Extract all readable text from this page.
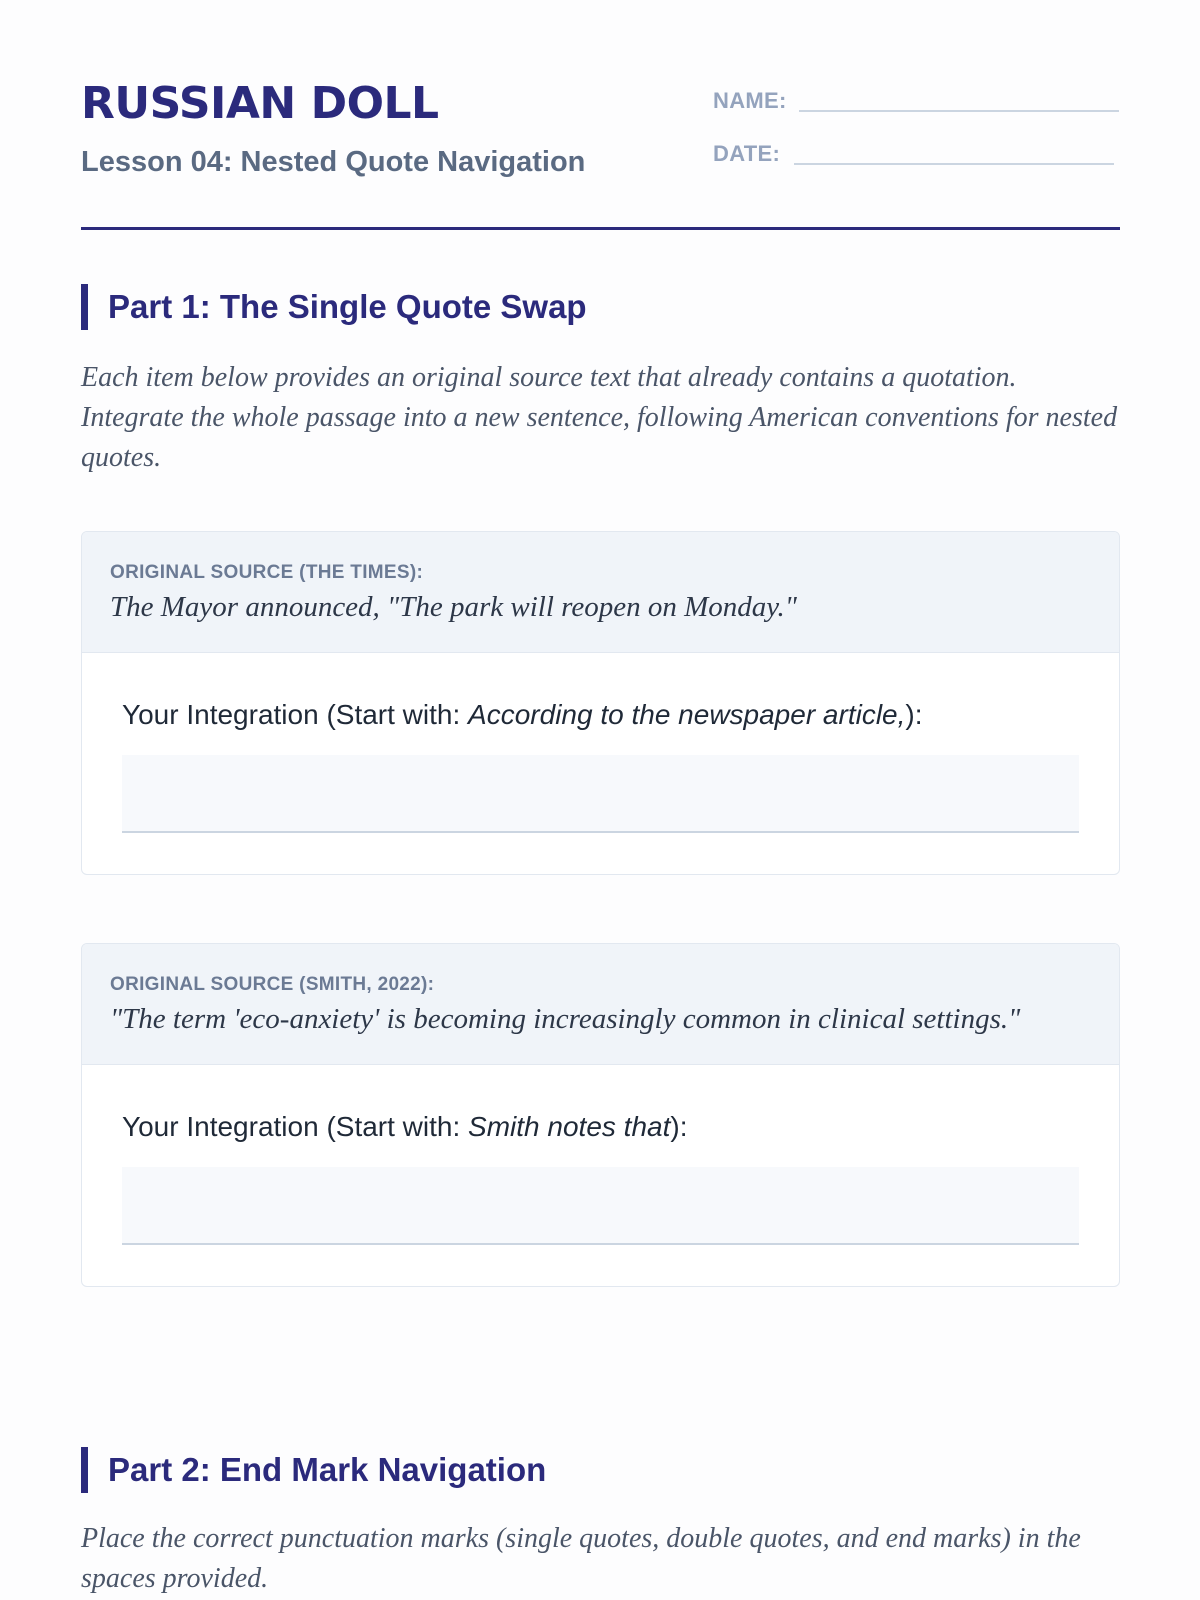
RUSSIAN DOLL
Lesson 04: Nested Quote Navigation
NAME:
DATE:
Part 1: The Single Quote Swap

Each item below provides an original source text that already contains a quotation. Integrate the whole passage into a new sentence, following American conventions for nested quotes.

ORIGINAL SOURCE (THE TIMES):
The Mayor announced, "The park will reopen on Monday."
Your Integration (Start with: According to the newspaper article,):
ORIGINAL SOURCE (SMITH, 2022):
"The term 'eco-anxiety' is becoming increasingly common in clinical settings."
Your Integration (Start with: Smith notes that):
Part 2: End Mark Navigation

Place the correct punctuation marks (single quotes, double quotes, and end marks) in the spaces provided.
